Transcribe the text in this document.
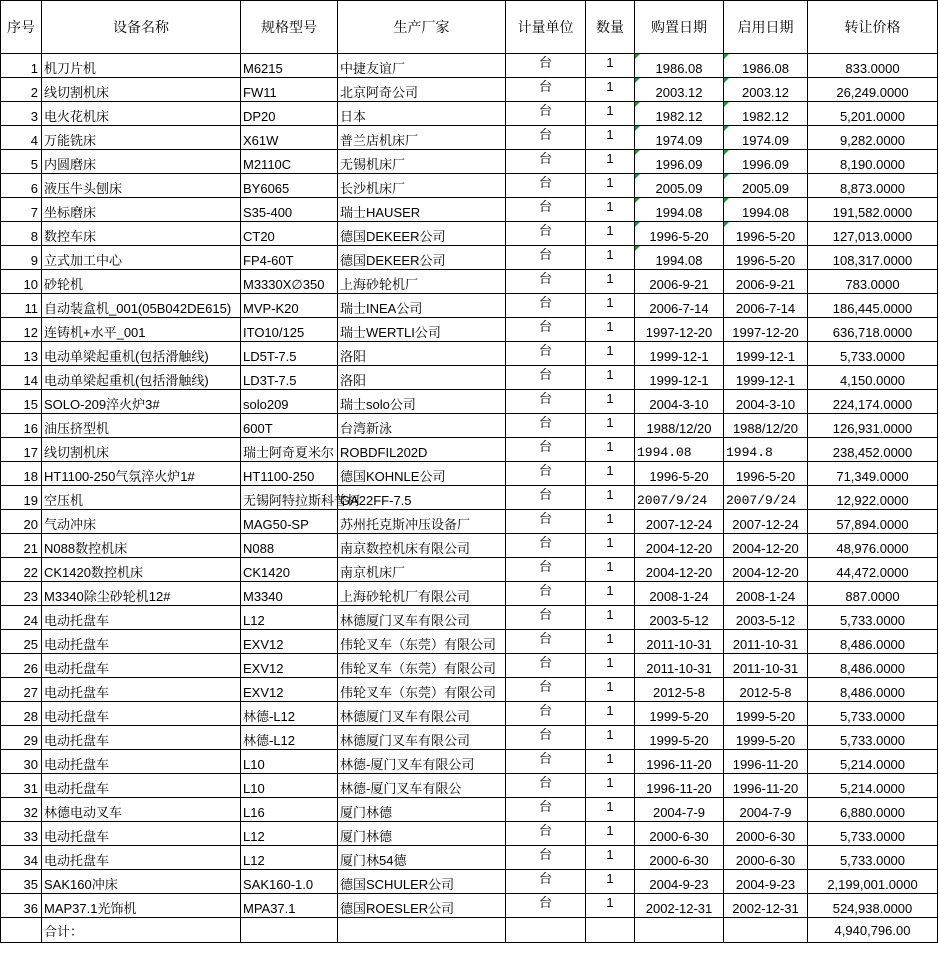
序号	设备名称	规格型号	生产厂家	计量单位	数量	购置日期	启用日期	转让价格
1	机刀片机	M6215	中捷友谊厂	台	1	1986.08	1986.08	833.0000
2	线切割机床	FW11	北京阿奇公司	台	1	2003.12	2003.12	26,249.0000
3	电火花机床	DP20	日本	台	1	1982.12	1982.12	5,201.0000
4	万能铣床	X61W	普兰店机床厂	台	1	1974.09	1974.09	9,282.0000
5	内圆磨床	M2110C	无锡机床厂	台	1	1996.09	1996.09	8,190.0000
6	液压牛头刨床	BY6065	长沙机床厂	台	1	2005.09	2005.09	8,873.0000
7	坐标磨床	S35-400	瑞士HAUSER	台	1	1994.08	1994.08	191,582.0000
8	数控车床	CT20	德国DEKEER公司	台	1	1996-5-20	1996-5-20	127,013.0000
9	立式加工中心	FP4-60T	德国DEKEER公司	台	1	1994.08	1996-5-20	108,317.0000
10	砂轮机	M3330X∅350	上海砂轮机厂	台	1	2006-9-21	2006-9-21	783.0000
11	自动装盒机_001(05B042DE615)	MVP-K20	瑞士INEA公司	台	1	2006-7-14	2006-7-14	186,445.0000
12	连铸机+水平_001	ITO10/125	瑞士WERTLI公司	台	1	1997-12-20	1997-12-20	636,718.0000
13	电动单梁起重机(包括滑触线)	LD5T-7.5	洛阳	台	1	1999-12-1	1999-12-1	5,733.0000
14	电动单梁起重机(包括滑触线)	LD3T-7.5	洛阳	台	1	1999-12-1	1999-12-1	4,150.0000
15	SOLO-209淬火炉3#	solo209	瑞士solo公司	台	1	2004-3-10	2004-3-10	224,174.0000
16	油压挤型机	600T	台湾新泳	台	1	1988/12/20	1988/12/20	126,931.0000
17	线切割机床	瑞士阿奇夏米尔	ROBDFIL202D	台	1	1994.08	1994.8	238,452.0000
18	HT1100-250气氛淬火炉1#	HT1100-250	德国KOHNLE公司	台	1	1996-5-20	1996-5-20	71,349.0000
19	空压机	无锡阿特拉斯科普柯	GA22FF-7.5	台	1	2007/9/24	2007/9/24	12,922.0000
20	气动冲床	MAG50-SP	苏州托克斯冲压设备厂	台	1	2007-12-24	2007-12-24	57,894.0000
21	N088数控机床	N088	南京数控机床有限公司	台	1	2004-12-20	2004-12-20	48,976.0000
22	CK1420数控机床	CK1420	南京机床厂	台	1	2004-12-20	2004-12-20	44,472.0000
23	M3340除尘砂轮机12#	M3340	上海砂轮机厂有限公司	台	1	2008-1-24	2008-1-24	887.0000
24	电动托盘车	L12	林德厦门叉车有限公司	台	1	2003-5-12	2003-5-12	5,733.0000
25	电动托盘车	EXV12	伟轮叉车（东莞）有限公司	台	1	2011-10-31	2011-10-31	8,486.0000
26	电动托盘车	EXV12	伟轮叉车（东莞）有限公司	台	1	2011-10-31	2011-10-31	8,486.0000
27	电动托盘车	EXV12	伟轮叉车（东莞）有限公司	台	1	2012-5-8	2012-5-8	8,486.0000
28	电动托盘车	林德-L12	林德厦门叉车有限公司	台	1	1999-5-20	1999-5-20	5,733.0000
29	电动托盘车	林德-L12	林德厦门叉车有限公司	台	1	1999-5-20	1999-5-20	5,733.0000
30	电动托盘车	L10	林德-厦门叉车有限公司	台	1	1996-11-20	1996-11-20	5,214.0000
31	电动托盘车	L10	林德-厦门叉车有限公	台	1	1996-11-20	1996-11-20	5,214.0000
32	林德电动叉车	L16	厦门林德	台	1	2004-7-9	2004-7-9	6,880.0000
33	电动托盘车	L12	厦门林德	台	1	2000-6-30	2000-6-30	5,733.0000
34	电动托盘车	L12	厦门林54德	台	1	2000-6-30	2000-6-30	5,733.0000
35	SAK160冲床	SAK160-1.0	德国SCHULER公司	台	1	2004-9-23	2004-9-23	2,199,001.0000
36	MAP37.1光饰机	MPA37.1	德国ROESLER公司	台	1	2002-12-31	2002-12-31	524,938.0000
	合计：							4,940,796.00
